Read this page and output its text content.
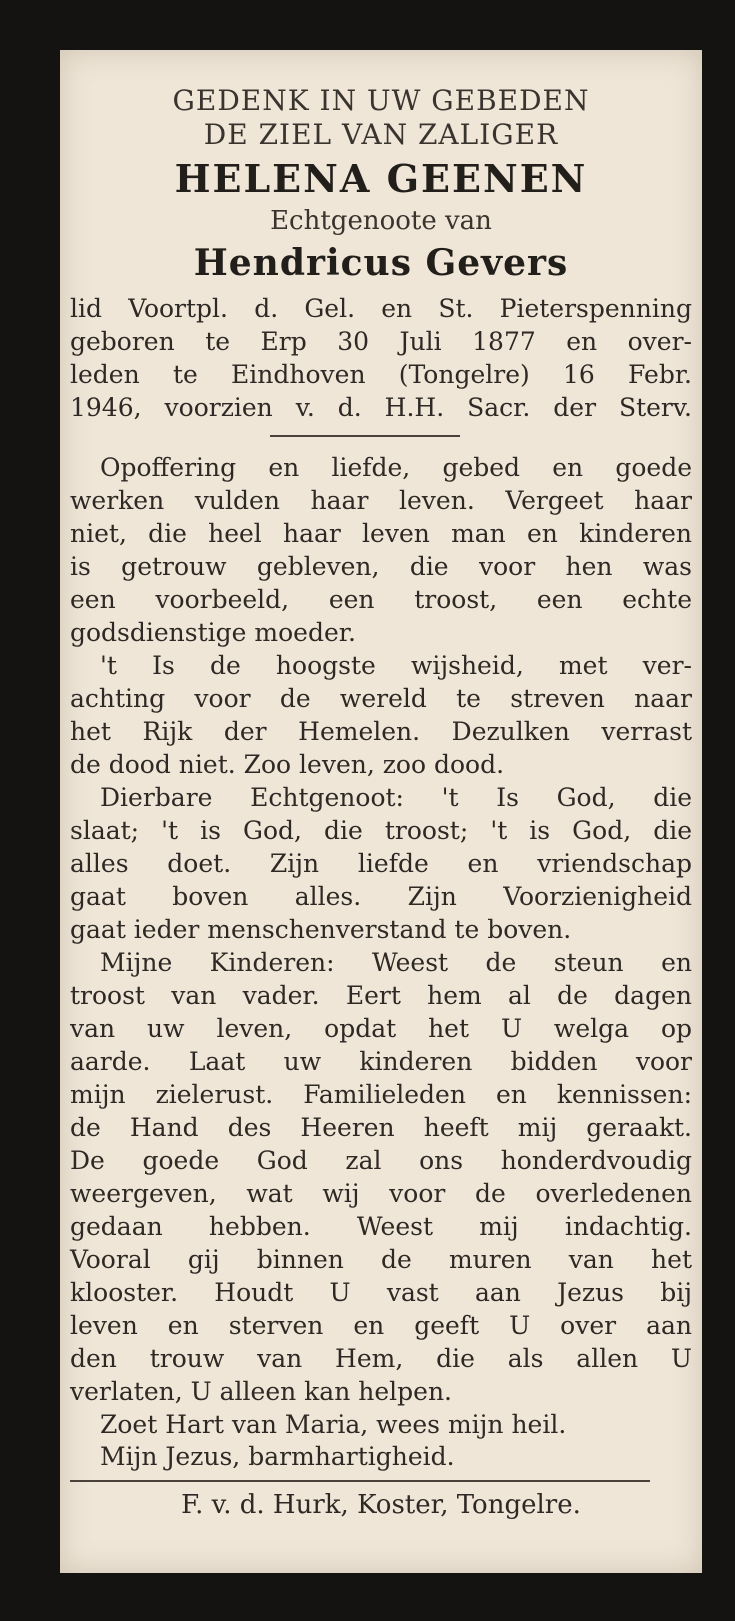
GEDENK IN UW GEBEDEN
DE ZIEL VAN ZALIGER
HELENA GEENEN
Echtgenoote van
Hendricus Gevers
lid Voortpl. d. Gel. en St. Pieterspenning
geboren te Erp 30 Juli 1877 en over-
leden te Eindhoven (Tongelre) 16 Febr.
1946, voorzien v. d. H.H. Sacr. der Sterv.
Opoffering en liefde, gebed en goede
werken vulden haar leven. Vergeet haar
niet, die heel haar leven man en kinderen
is getrouw gebleven, die voor hen was
een voorbeeld, een troost, een echte
godsdienstige moeder.
't Is de hoogste wijsheid, met ver-
achting voor de wereld te streven naar
het Rijk der Hemelen. Dezulken verrast
de dood niet. Zoo leven, zoo dood.
Dierbare Echtgenoot: 't Is God, die
slaat; 't is God, die troost; 't is God, die
alles doet. Zijn liefde en vriendschap
gaat boven alles. Zijn Voorzienigheid
gaat ieder menschenverstand te boven.
Mijne Kinderen: Weest de steun en
troost van vader. Eert hem al de dagen
van uw leven, opdat het U welga op
aarde. Laat uw kinderen bidden voor
mijn zielerust. Familieleden en kennissen:
de Hand des Heeren heeft mij geraakt.
De goede God zal ons honderdvoudig
weergeven, wat wij voor de overledenen
gedaan hebben. Weest mij indachtig.
Vooral gij binnen de muren van het
klooster. Houdt U vast aan Jezus bij
leven en sterven en geeft U over aan
den trouw van Hem, die als allen U
verlaten, U alleen kan helpen.
Zoet Hart van Maria, wees mijn heil.
Mijn Jezus, barmhartigheid.
F. v. d. Hurk, Koster, Tongelre.
